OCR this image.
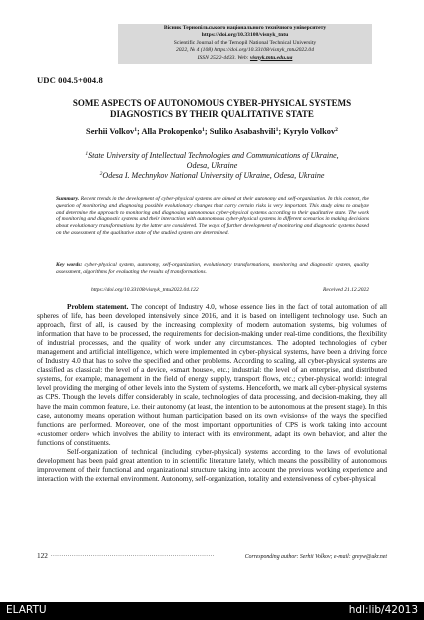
Вісник Тернопільського національного технічного університету
https://doi.org/10.33108/visnyk_tntu
Scientific Journal of the Ternopil National Technical University
2022, № 4 (108) https://doi.org/10.33108/visnyk_tntu2022.04
ISSN 2522-4433. Web: visnyk.tntu.edu.ua
UDC 004.5+004.8
SOME ASPECTS OF AUTONOMOUS CYBER-PHYSICAL SYSTEMS
DIAGNOSTICS BY THEIR QUALITATIVE STATE
Serhii Volkov$^1$; Alla Prokopenko$^1$; Suliko Asabashvili$^1$; Kyrylo Volkov$^2$
$^1$State University of Intellectual Technologies and Communications of Ukraine,
Odesa, Ukraine
$^2$Odesa I. Mechnykov National University of Ukraine, Odesa, Ukraine
Summary. Recent trends in the development of cyber-physical systems are aimed at their autonomy and self-organization. In this context, the question of monitoring and diagnosing possible evolutionary changes that carry certain risks is very important. This study aims to analyze and determine the approach to monitoring and diagnosing autonomous cyber-physical systems according to their qualitative state. The work of monitoring and diagnostic systems and their interaction with autonomous cyber-physical systems in different scenarios in making decisions about evolutionary transformations by the latter are considered. The ways of further development of monitoring and diagnostic systems based on the assessment of the qualitative state of the studied system are determined.
Key words: cyber-physical system, autonomy, self-organization, evolutionary transformations, monitoring and diagnostic system, quality assessment, algorithms for evaluating the results of transformations.
https://doi.org/10.33108/visnyk_tntu2022.04.122	Received 21.12.2022

Problem statement. The concept of Industry 4.0, whose essence lies in the fact of total automation of all spheres of life, has been developed intensively since 2016, and it is based on intelligent technology use. Such an approach, first of all, is caused by the increasing complexity of modern automation systems, big volumes of information that have to be processed, the requirements for decision-making under real-time conditions, the flexibility of industrial processes, and the quality of work under any circumstances. The adopted technologies of cyber management and artificial intelligence, which were implemented in cyber-physical systems, have been a driving force of Industry 4.0 that has to solve the specified and other problems. According to scaling, all cyber-physical systems are classified as classical: the level of a device, «smart house», etc.; industrial: the level of an enterprise, and distributed systems, for example, management in the field of energy supply, transport flows, etc.; cyber-physical world: integral level providing the merging of other levels into the System of systems. Henceforth, we mark all cyber-physical systems as CPS. Though the levels differ considerably in scale, technologies of data processing, and decision-making, they all have the main common feature, i.e. their autonomy (at least, the intention to be autonomous at the present stage). In this case, autonomy means operation without human participation based on its own «visions» of the ways the specified functions are performed. Moreover, one of the most important opportunities of CPS is work taking into account «customer order» which involves the ability to interact with its environment, adapt its own behavior, and alter the functions of constituents.

Self-organization of technical (including cyber-physical) systems according to the laws of evolutional development has been paid great attention to in scientific literature lately, which means the possibility of autonomous improvement of their functional and organizational structure taking into account the previous working experience and interaction with the external environment. Autonomy, self-organization, totality and extensiveness of cyber-physical

122 ..............................................................................	Corresponding author: Serhii Volkov; e-mail: greyw@ukr.net
ELARTU	hdl:lib/42013
